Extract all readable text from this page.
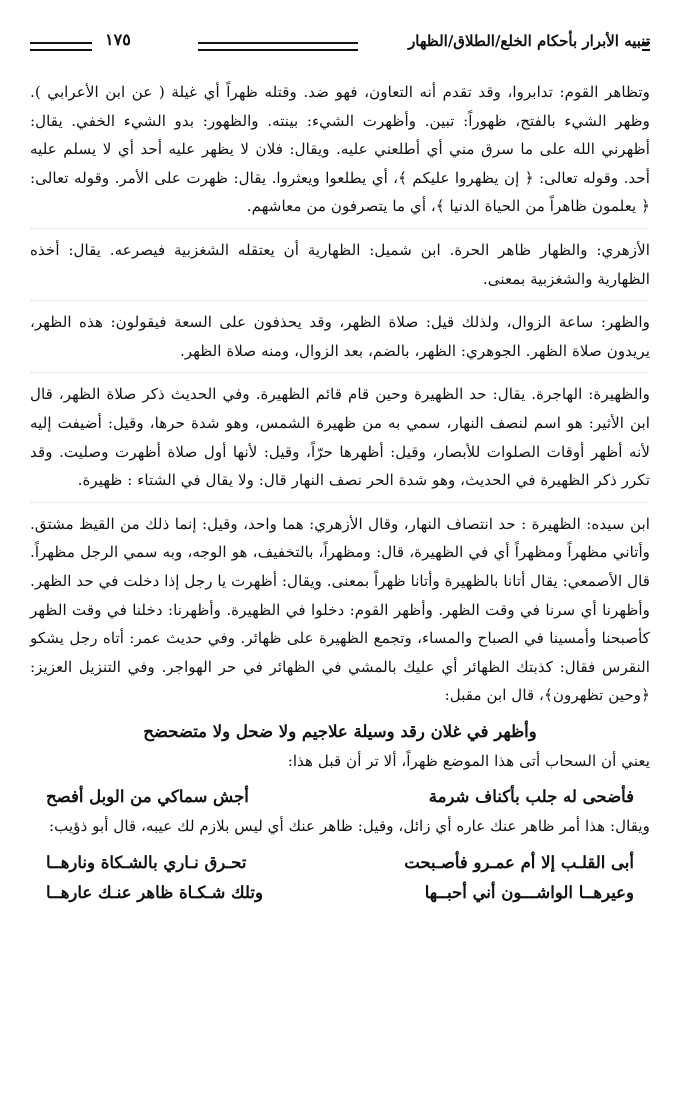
تنبيه الأبرار بأحكام الخلع/الطلاق/الظهار
١٧٥

وتظاهر القوم: تدابروا، وقد تقدم أنه التعاون، فهو ضد. وقتله ظهراً أي غيلة ( عن ابن الأعرابي ). وظهر الشيء بالفتح، ظهوراً: تبين. وأظهرت الشيء: بينته. والظهور: بدو الشيء الخفي. يقال: أظهرني الله على ما سرق مني أي أطلعني عليه. ويقال: فلان لا يظهر عليه أحد أي لا يسلم عليه أحد. وقوله تعالى: ﴿ إن يظهروا عليكم ﴾، أي يطلعوا ويعثروا. يقال: ظهرت على الأمر. وقوله تعالى: ﴿ يعلمون ظاهراً من الحياة الدنيا ﴾، أي ما يتصرفون من معاشهم.

الأزهري: والظهار ظاهر الحرة. ابن شميل: الظهارية أن يعتقله الشغزبية فيصرعه. يقال: أخذه الظهارية والشغزبية بمعنى.

والظهر: ساعة الزوال، ولذلك قيل: صلاة الظهر، وقد يحذفون على السعة فيقولون: هذه الظهر، يريدون صلاة الظهر. الجوهري: الظهر، بالضم، بعد الزوال، ومنه صلاة الظهر.

والظهيرة: الهاجرة. يقال: حد الظهيرة وحين قام قائم الظهيرة. وفي الحديث ذكر صلاة الظهر، قال ابن الأثير: هو اسم لنصف النهار، سمي به من ظهيرة الشمس، وهو شدة حرها، وقيل: أضيفت إليه لأنه أظهر أوقات الصلوات للأبصار، وقيل: أظهرها حرّاً، وقيل: لأنها أول صلاة أظهرت وصليت. وقد تكرر ذكر الظهيرة في الحديث، وهو شدة الحر نصف النهار قال: ولا يقال في الشتاء : ظهيرة.

ابن سيده: الظهيرة : حد انتصاف النهار، وقال الأزهري: هما واحد، وقيل: إنما ذلك من القيظ مشتق. وأتاني مظهراً ومظهراً أي في الظهيرة، قال: ومظهراً، بالتخفيف، هو الوجه، وبه سمي الرجل مظهراً. قال الأصمعي: يقال أتانا بالظهيرة وأتانا ظهراً بمعنى. ويقال: أظهرت يا رجل إذا دخلت في حد الظهر. وأظهرنا أي سرنا في وقت الظهر. وأظهر القوم: دخلوا في الظهيرة. وأظهرنا: دخلنا في وقت الظهر كأصبحنا وأمسينا في الصباح والمساء، وتجمع الظهيرة على ظهائر. وفي حديث عمر: أتاه رجل يشكو النقرس فقال: كذبتك الظهائر أي عليك بالمشي في الظهائر في حر الهواجر. وفي التنزيل العزيز: ﴿وحين تظهرون﴾، قال ابن مقبل:

وأظهر في غلان رقد وسيلة علاجيم ولا ضحل ولا متضحضح

يعني أن السحاب أتى هذا الموضع ظهراً، ألا تر أن قبل هذا:

فأضحى له جلب بأكناف شرمة
أجش سماكي من الوبل أفصح

ويقال: هذا أمر ظاهر عنك عاره أي زائل، وقيل: ظاهر عنك أي ليس بلازم لك عيبه، قال أبو ذؤيب:

أبى القلـب إلا أم عمـرو فأصـبحت
تحـرق نـاري بالشـكاة ونارهــا
وعيرهــا الواشـــون أني أحبــها
وتلك شـكـاة ظاهر عنـك عارهــا
